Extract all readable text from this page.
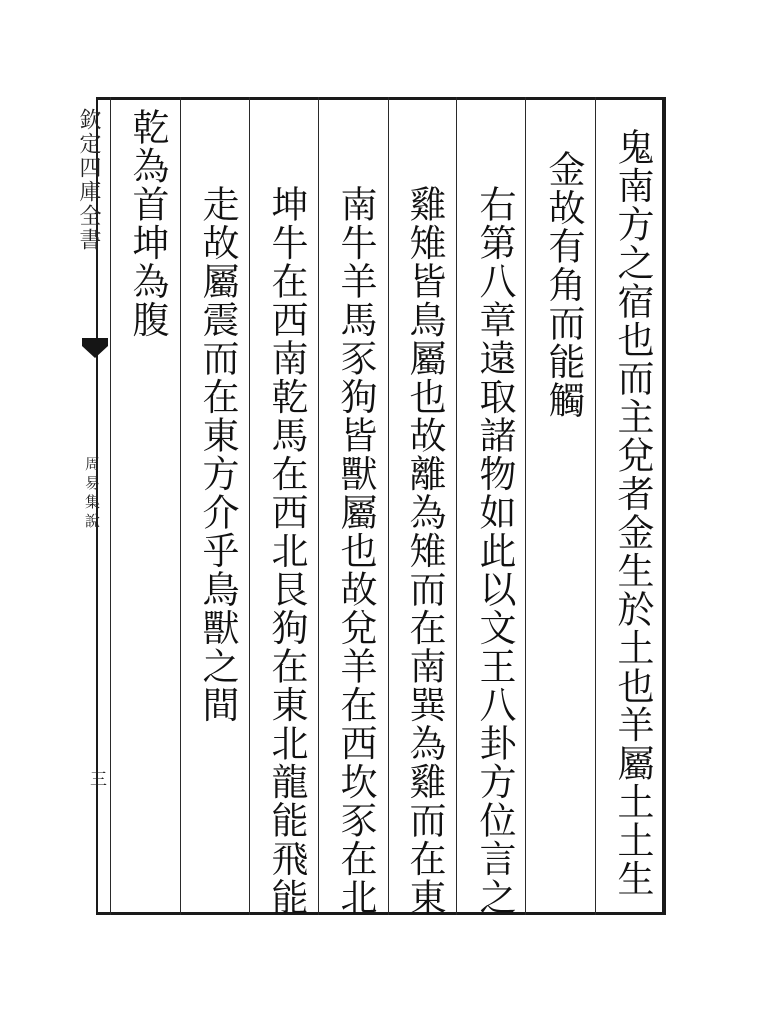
鬼南方之宿也而主兌者金生於土也羊屬土土生
金故有角而能觸
右第八章遠取諸物如此以文王八卦方位言之
雞雉皆鳥屬也故離為雉而在南巽為雞而在東
南牛羊馬豕狗皆獸屬也故兌羊在西坎豕在北
坤牛在西南乾馬在西北艮狗在東北龍能飛能
走故屬震而在東方介乎鳥獸之間
乾為首坤為腹
欽定四庫全書
周易集說
三
